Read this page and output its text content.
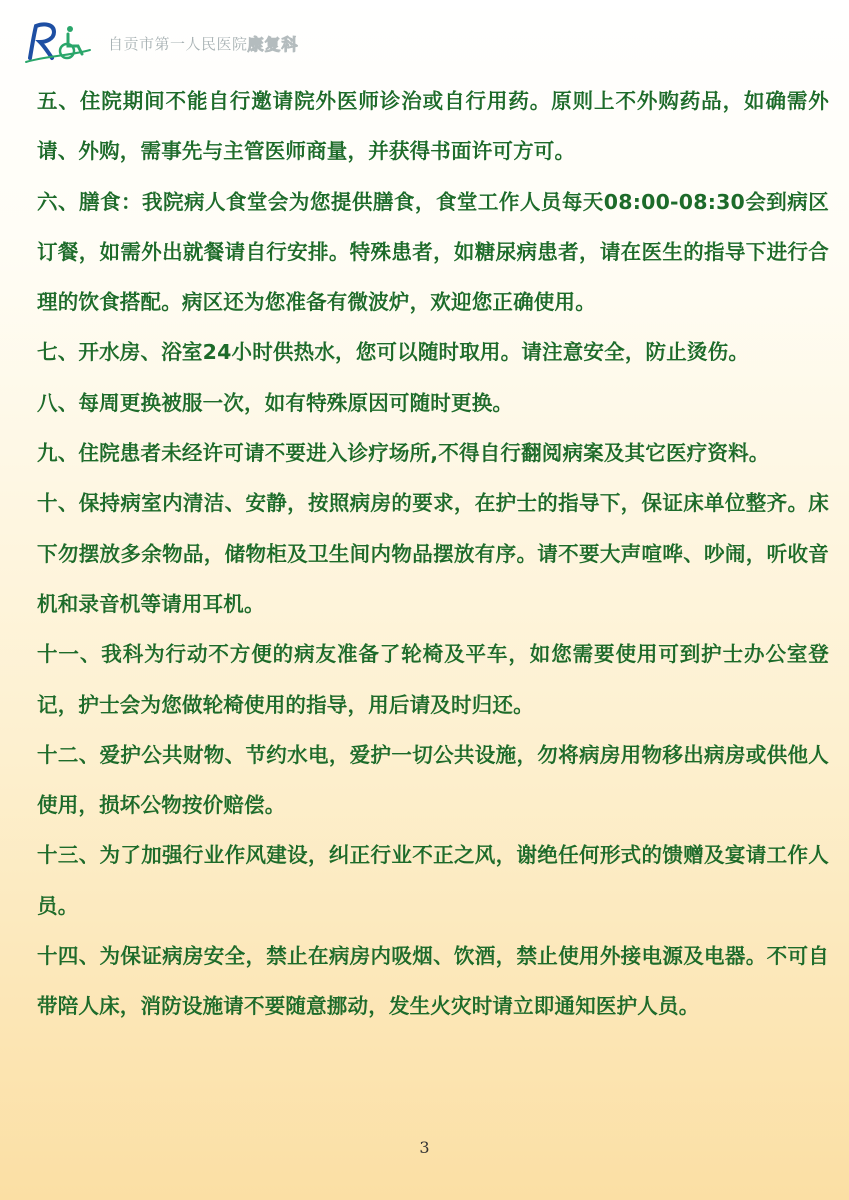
自贡市第一人民医院 康复科

五、住院期间不能自行邀请院外医师诊治或自行用药。原则上不外购药品，如确需外请、外购，需事先与主管医师商量，并获得书面许可方可。

六、膳食：我院病人食堂会为您提供膳食，食堂工作人员每天08:00-08:30会到病区订餐，如需外出就餐请自行安排。特殊患者，如糖尿病患者，请在医生的指导下进行合理的饮食搭配。病区还为您准备有微波炉，欢迎您正确使用。

七、开水房、浴室24小时供热水，您可以随时取用。请注意安全，防止烫伤。

八、每周更换被服一次，如有特殊原因可随时更换。

九、住院患者未经许可请不要进入诊疗场所,不得自行翻阅病案及其它医疗资料。

十、保持病室内清洁、安静，按照病房的要求，在护士的指导下，保证床单位整齐。床下勿摆放多余物品，储物柜及卫生间内物品摆放有序。请不要大声喧哗、吵闹，听收音机和录音机等请用耳机。

十一、我科为行动不方便的病友准备了轮椅及平车，如您需要使用可到护士办公室登记，护士会为您做轮椅使用的指导，用后请及时归还。

十二、爱护公共财物、节约水电，爱护一切公共设施，勿将病房用物移出病房或供他人使用，损坏公物按价赔偿。

十三、为了加强行业作风建设，纠正行业不正之风，谢绝任何形式的馈赠及宴请工作人员。

十四、为保证病房安全，禁止在病房内吸烟、饮酒，禁止使用外接电源及电器。不可自带陪人床，消防设施请不要随意挪动，发生火灾时请立即通知医护人员。

3
